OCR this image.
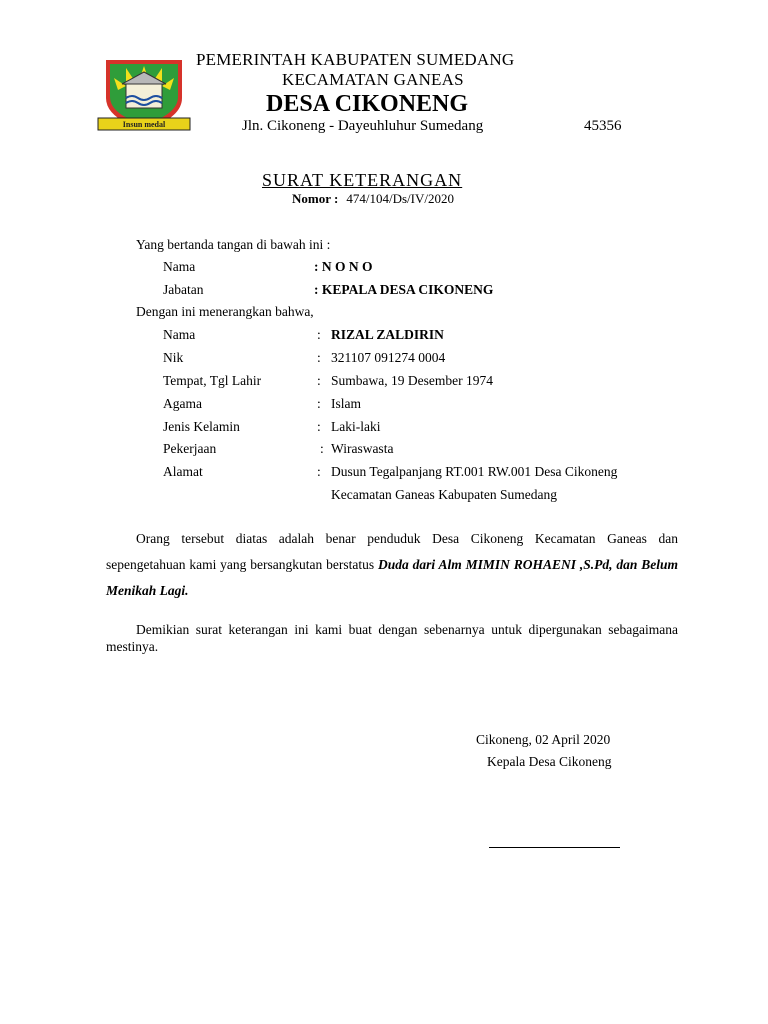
Insun medal
PEMERINTAH KABUPATEN SUMEDANG
KECAMATAN GANEAS
DESA CIKONENG
Jln. Cikoneng - Dayeuhluhur Sumedang	45356
SURAT KETERANGAN
Nomor : 474/104/Ds/IV/2020
Yang bertanda tangan di bawah ini :
Nama	: N O N O
Jabatan	: KEPALA DESA CIKONENG
Dengan ini menerangkan bahwa,
Nama	: RIZAL ZALDIRIN
Nik	: 321107 091274 0004
Tempat, Tgl Lahir	: Sumbawa, 19 Desember 1974
Agama	: Islam
Jenis Kelamin	: Laki-laki
Pekerjaan	: Wiraswasta
Alamat	: Dusun Tegalpanjang RT.001 RW.001 Desa Cikoneng
Kecamatan Ganeas Kabupaten Sumedang
Orang tersebut diatas adalah benar penduduk Desa Cikoneng Kecamatan Ganeas dan sepengetahuan kami yang bersangkutan berstatus Duda dari Alm MIMIN ROHAENI ,S.Pd, dan Belum Menikah Lagi.
Demikian surat keterangan ini kami buat dengan sebenarnya untuk dipergunakan sebagaimana mestinya.
Cikoneng, 02 April 2020
Kepala Desa Cikoneng
